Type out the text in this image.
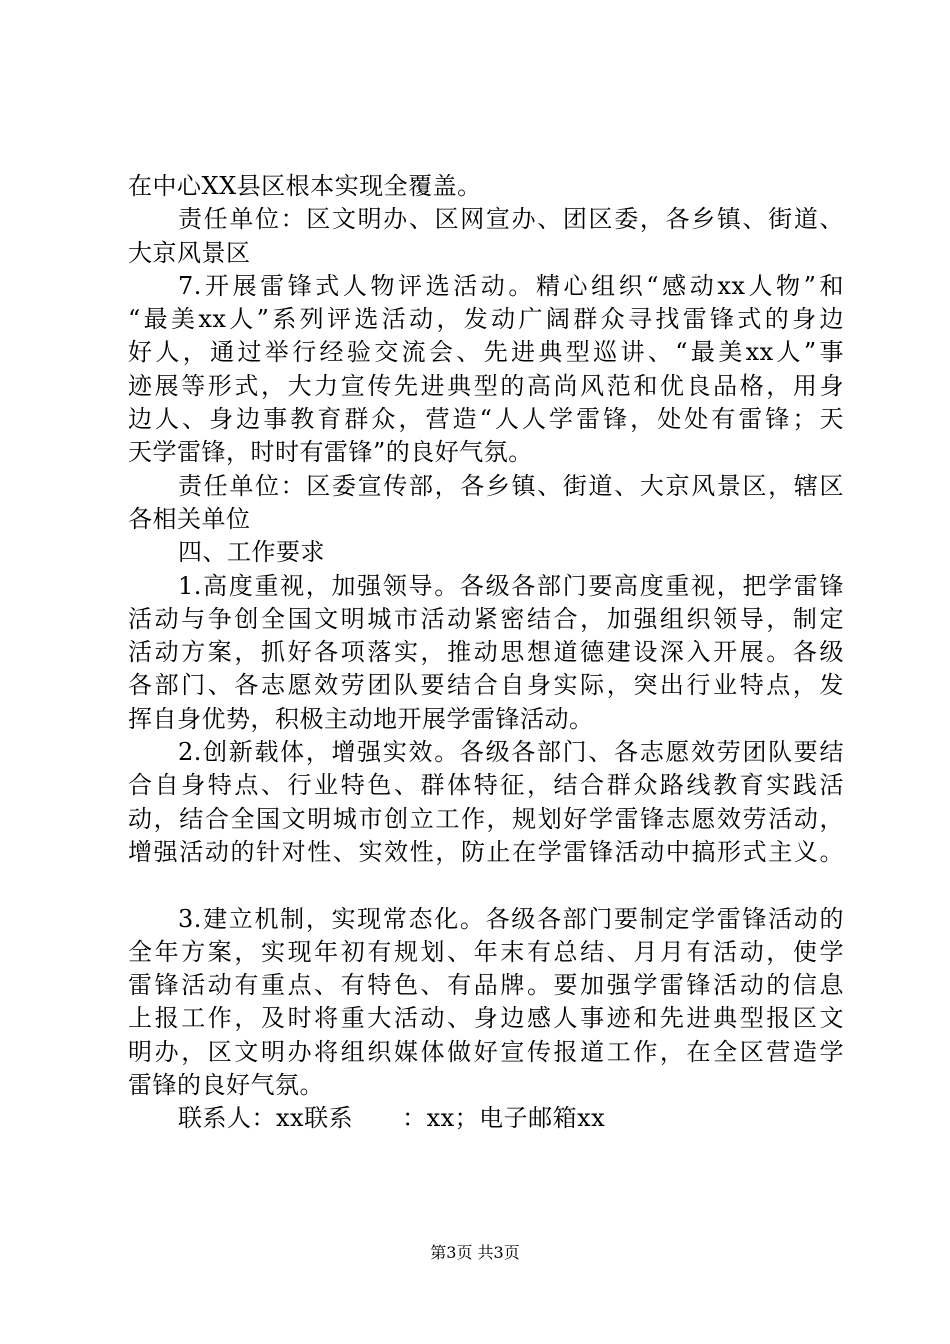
在中心XX县区根本实现全覆盖。
责任单位：区文明办、区网宣办、团区委，各乡镇、街道、
大京风景区
7.开展雷锋式人物评选活动。精心组织“感动xx人物”和
“最美xx人”系列评选活动，发动广阔群众寻找雷锋式的身边
好人，通过举行经验交流会、先进典型巡讲、“最美xx人”事
迹展等形式，大力宣传先进典型的高尚风范和优良品格，用身
边人、身边事教育群众，营造“人人学雷锋，处处有雷锋；天
天学雷锋，时时有雷锋”的良好气氛。
责任单位：区委宣传部，各乡镇、街道、大京风景区，辖区
各相关单位
四、工作要求
1.高度重视，加强领导。各级各部门要高度重视，把学雷锋
活动与争创全国文明城市活动紧密结合，加强组织领导，制定
活动方案，抓好各项落实，推动思想道德建设深入开展。各级
各部门、各志愿效劳团队要结合自身实际，突出行业特点，发
挥自身优势，积极主动地开展学雷锋活动。
2.创新载体，增强实效。各级各部门、各志愿效劳团队要结
合自身特点、行业特色、群体特征，结合群众路线教育实践活
动，结合全国文明城市创立工作，规划好学雷锋志愿效劳活动，
增强活动的针对性、实效性，防止在学雷锋活动中搞形式主义。
3.建立机制，实现常态化。各级各部门要制定学雷锋活动的
全年方案，实现年初有规划、年末有总结、月月有活动，使学
雷锋活动有重点、有特色、有品牌。要加强学雷锋活动的信息
上报工作，及时将重大活动、身边感人事迹和先进典型报区文
明办，区文明办将组织媒体做好宣传报道工作，在全区营造学
雷锋的良好气氛。
联系人：xx联系　　：xx；电子邮箱xx
第3页 共3页
